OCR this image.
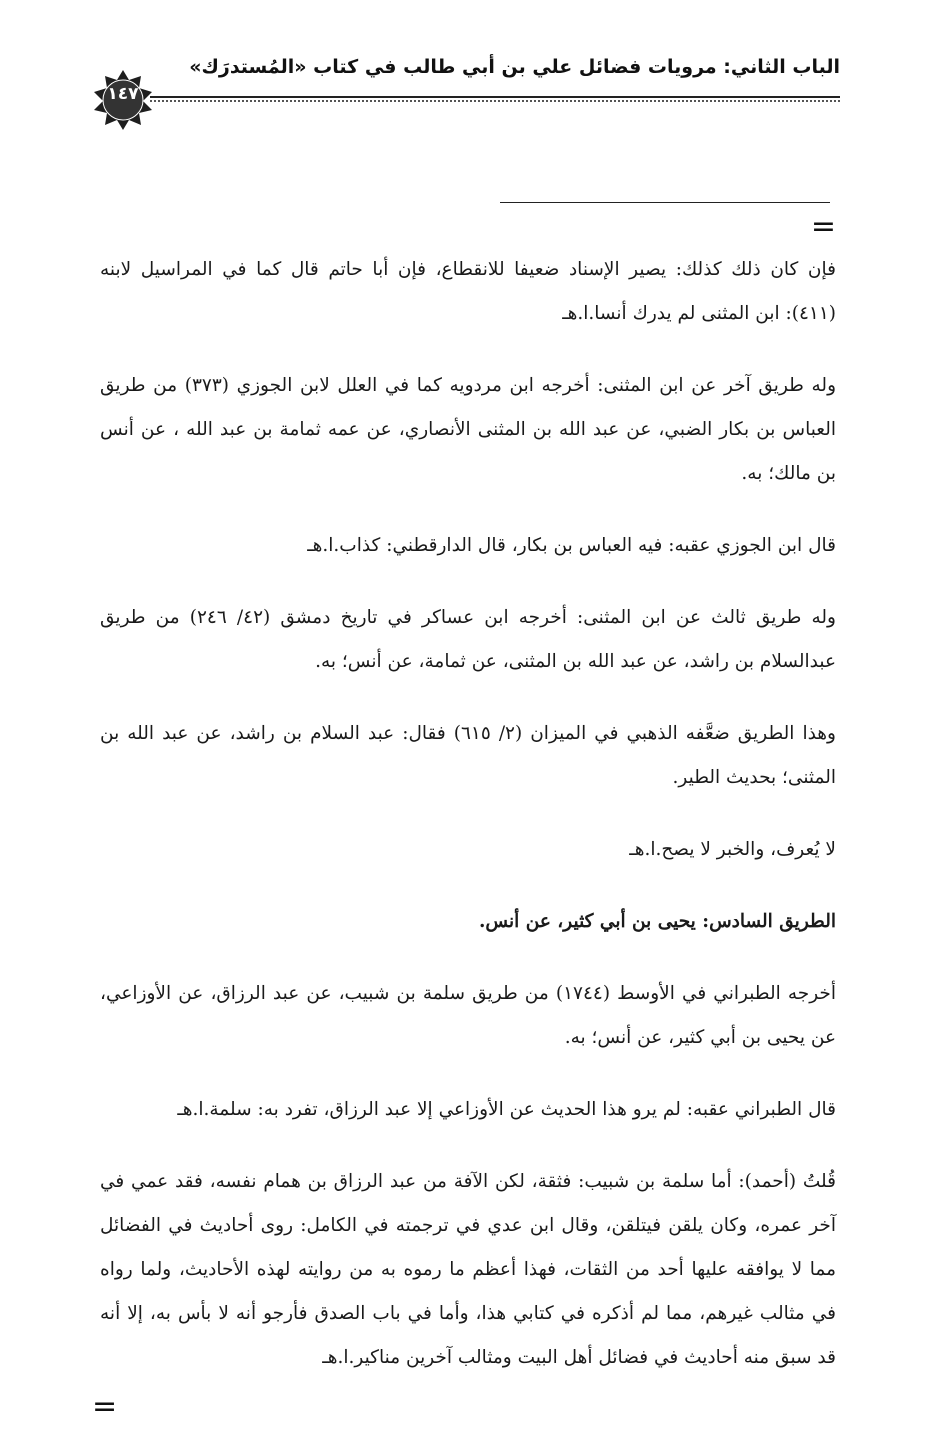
الباب الثاني: مرويات فضائل علي بن أبي طالب في كتاب «المُستدرَك»
١٤٧
=

فإن كان ذلك كذلك: يصير الإسناد ضعيفا للانقطاع، فإن أبا حاتم قال كما في المراسيل لابنه (٤١١): ابن المثنى لم يدرك أنسا.ا.هـ

وله طريق آخر عن ابن المثنى: أخرجه ابن مردويه كما في العلل لابن الجوزي (٣٧٣) من طريق العباس بن بكار الضبي، عن عبد الله بن المثنى الأنصاري، عن عمه ثمامة بن عبد الله ، عن أنس بن مالك؛ به.

قال ابن الجوزي عقبه: فيه العباس بن بكار، قال الدارقطني: كذاب.ا.هـ

وله طريق ثالث عن ابن المثنى: أخرجه ابن عساكر في تاريخ دمشق (٤٢/ ٢٤٦) من طريق عبدالسلام بن راشد، عن عبد الله بن المثنى، عن ثمامة، عن أنس؛ به.

وهذا الطريق ضعَّفه الذهبي في الميزان (٢/ ٦١٥) فقال: عبد السلام بن راشد، عن عبد الله بن المثنى؛ بحديث الطير.

لا يُعرف، والخبر لا يصح.ا.هـ

الطريق السادس: يحيى بن أبي كثير، عن أنس.

أخرجه الطبراني في الأوسط (١٧٤٤) من طريق سلمة بن شبيب، عن عبد الرزاق، عن الأوزاعي، عن يحيى بن أبي كثير، عن أنس؛ به.

قال الطبراني عقبه: لم يرو هذا الحديث عن الأوزاعي إلا عبد الرزاق، تفرد به: سلمة.ا.هـ

قُلتُ (أحمد): أما سلمة بن شبيب: فثقة، لكن الآفة من عبد الرزاق بن همام نفسه، فقد عمي في آخر عمره، وكان يلقن فيتلقن، وقال ابن عدي في ترجمته في الكامل: روى أحاديث في الفضائل مما لا يوافقه عليها أحد من الثقات، فهذا أعظم ما رموه به من روايته لهذه الأحاديث، ولما رواه في مثالب غيرهم، مما لم أذكره في كتابي هذا، وأما في باب الصدق فأرجو أنه لا بأس به، إلا أنه قد سبق منه أحاديث في فضائل أهل البيت ومثالب آخرين مناكير.ا.هـ

=
